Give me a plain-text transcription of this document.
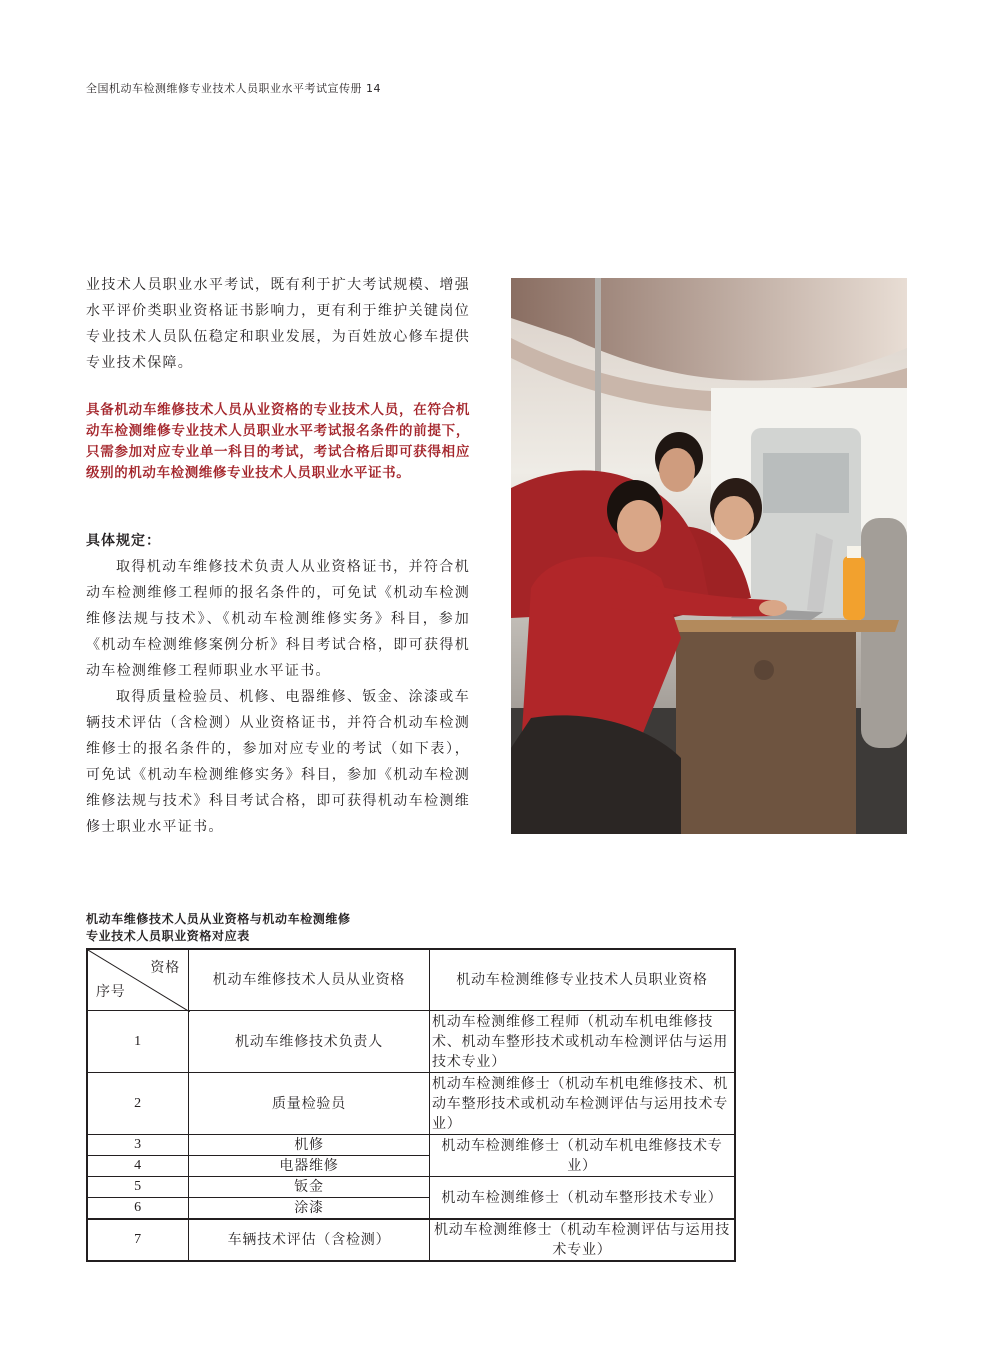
全国机动车检测维修专业技术人员职业水平考试宣传册 14

业技术人员职业水平考试，既有利于扩大考试规模、增强水平评价类职业资格证书影响力，更有利于维护关键岗位专业技术人员队伍稳定和职业发展，为百姓放心修车提供专业技术保障。

具备机动车维修技术人员从业资格的专业技术人员，在符合机动车检测维修专业技术人员职业水平考试报名条件的前提下，只需参加对应专业单一科目的考试，考试合格后即可获得相应级别的机动车检测维修专业技术人员职业水平证书。

具体规定：

取得机动车维修技术负责人从业资格证书，并符合机动车检测维修工程师的报名条件的，可免试《机动车检测维修法规与技术》、《机动车检测维修实务》科目，参加《机动车检测维修案例分析》科目考试合格，即可获得机动车检测维修工程师职业水平证书。

取得质量检验员、机修、电器维修、钣金、涂漆或车辆技术评估（含检测）从业资格证书，并符合机动车检测维修士的报名条件的，参加对应专业的考试（如下表），可免试《机动车检测维修实务》科目，参加《机动车检测维修法规与技术》科目考试合格，即可获得机动车检测维修士职业水平证书。

机动车维修技术人员从业资格与机动车检测维修
专业技术人员职业资格对应表
资格
序号	机动车维修技术人员从业资格	机动车检测维修专业技术人员职业资格
1	机动车维修技术负责人	机动车检测维修工程师（机动车机电维修技术、机动车整形技术或机动车检测评估与运用技术专业）
2	质量检验员	机动车检测维修士（机动车机电维修技术、机动车整形技术或机动车检测评估与运用技术专业）
3	机修	机动车检测维修士（机动车机电维修技术专业）
4	电器维修	
5	钣金	机动车检测维修士（机动车整形技术专业）
6	涂漆	
7	车辆技术评估（含检测）	机动车检测维修士（机动车检测评估与运用技术专业）
